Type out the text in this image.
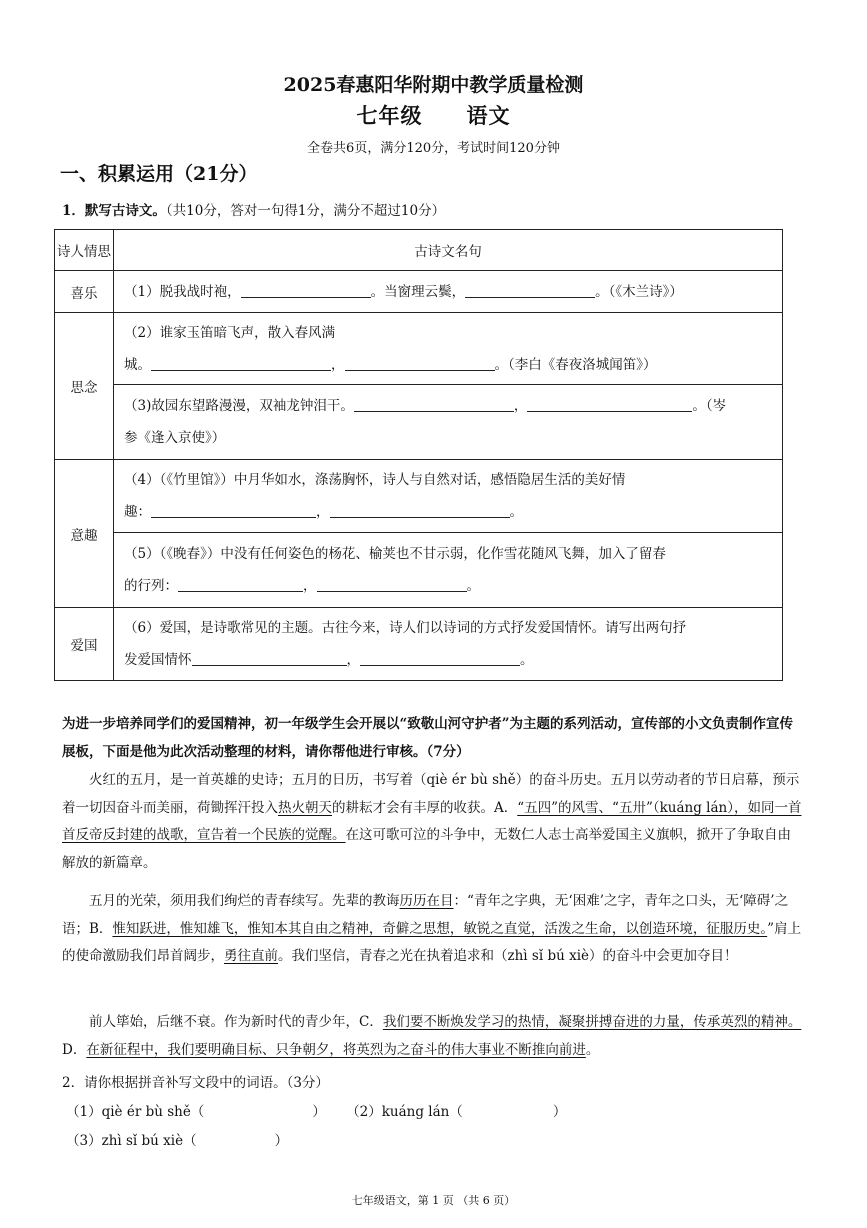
2025春惠阳华附期中教学质量检测
七年级 语文
全卷共6页，满分120分，考试时间120分钟
一、积累运用（21分）
1．默写古诗文。（共10分，答对一句得1分，满分不超过10分）
诗人情思	古诗文名句
喜乐	（1）脱我战时袍， 。当窗理云鬓， 。（《木兰诗》）
思念	（2）谁家玉笛暗飞声，散入春风满
城。 ， 。（李白《春夜洛城闻笛》）
	（3)故园东望路漫漫，双袖龙钟泪干。 ， 。（岑
参《逢入京使》）
意趣	（4）（《竹里馆》）中月华如水，涤荡胸怀，诗人与自然对话，感悟隐居生活的美好情
趣： ， 。
	（5）（《晚春》）中没有任何姿色的杨花、榆荚也不甘示弱，化作雪花随风飞舞，加入了留春
的行列： ， 。
爱国	（6）爱国，是诗歌常见的主题。古往今来，诗人们以诗词的方式抒发爱国情怀。请写出两句抒
发爱国情怀 ， 。
为进一步培养同学们的爱国精神，初一年级学生会开展以“致敬山河守护者”为主题的系列活动，宣传部的小文负责制作宣传展板，下面是他为此次活动整理的材料，请你帮他进行审核。（7分）
火红的五月，是一首英雄的史诗；五月的日历，书写着（qiè ér bù shě）的奋斗历史。五月以劳动者的节日启幕，预示着一切因奋斗而美丽，荷锄挥汗投入热火朝天的耕耘才会有丰厚的收获。A．“五四”的风雪、“五卅”（kuáng lán），如同一首首反帝反封建的战歌，宣告着一个民族的觉醒。在这可歌可泣的斗争中，无数仁人志士高举爱国主义旗帜，掀开了争取自由解放的新篇章。
五月的光荣，须用我们绚烂的青春续写。先辈的教诲历历在目：“青年之字典，无‘困难’之字，青年之口头，无‘障碍’之语；B．惟知跃进，惟知雄飞，惟知本其自由之精神，奇僻之思想，敏锐之直觉，活泼之生命，以创造环境，征服历史。”肩上的使命激励我们昂首阔步，勇往直前。我们坚信，青春之光在执着追求和（zhì sǐ bú xiè）的奋斗中会更加夺目！
前人筚始，后继不衰。作为新时代的青少年，C．我们要不断焕发学习的热情，凝聚拼搏奋进的力量，传承英烈的精神。D．在新征程中，我们要明确目标、只争朝夕，将英烈为之奋斗的伟大事业不断推向前进。
2．请你根据拼音补写文段中的词语。（3分）
（1）qiè ér bù shě（	） （2）kuáng lán（	）
（3）zhì sǐ bú xiè（	）
七年级语文，第 1 页 （共 6 页）
